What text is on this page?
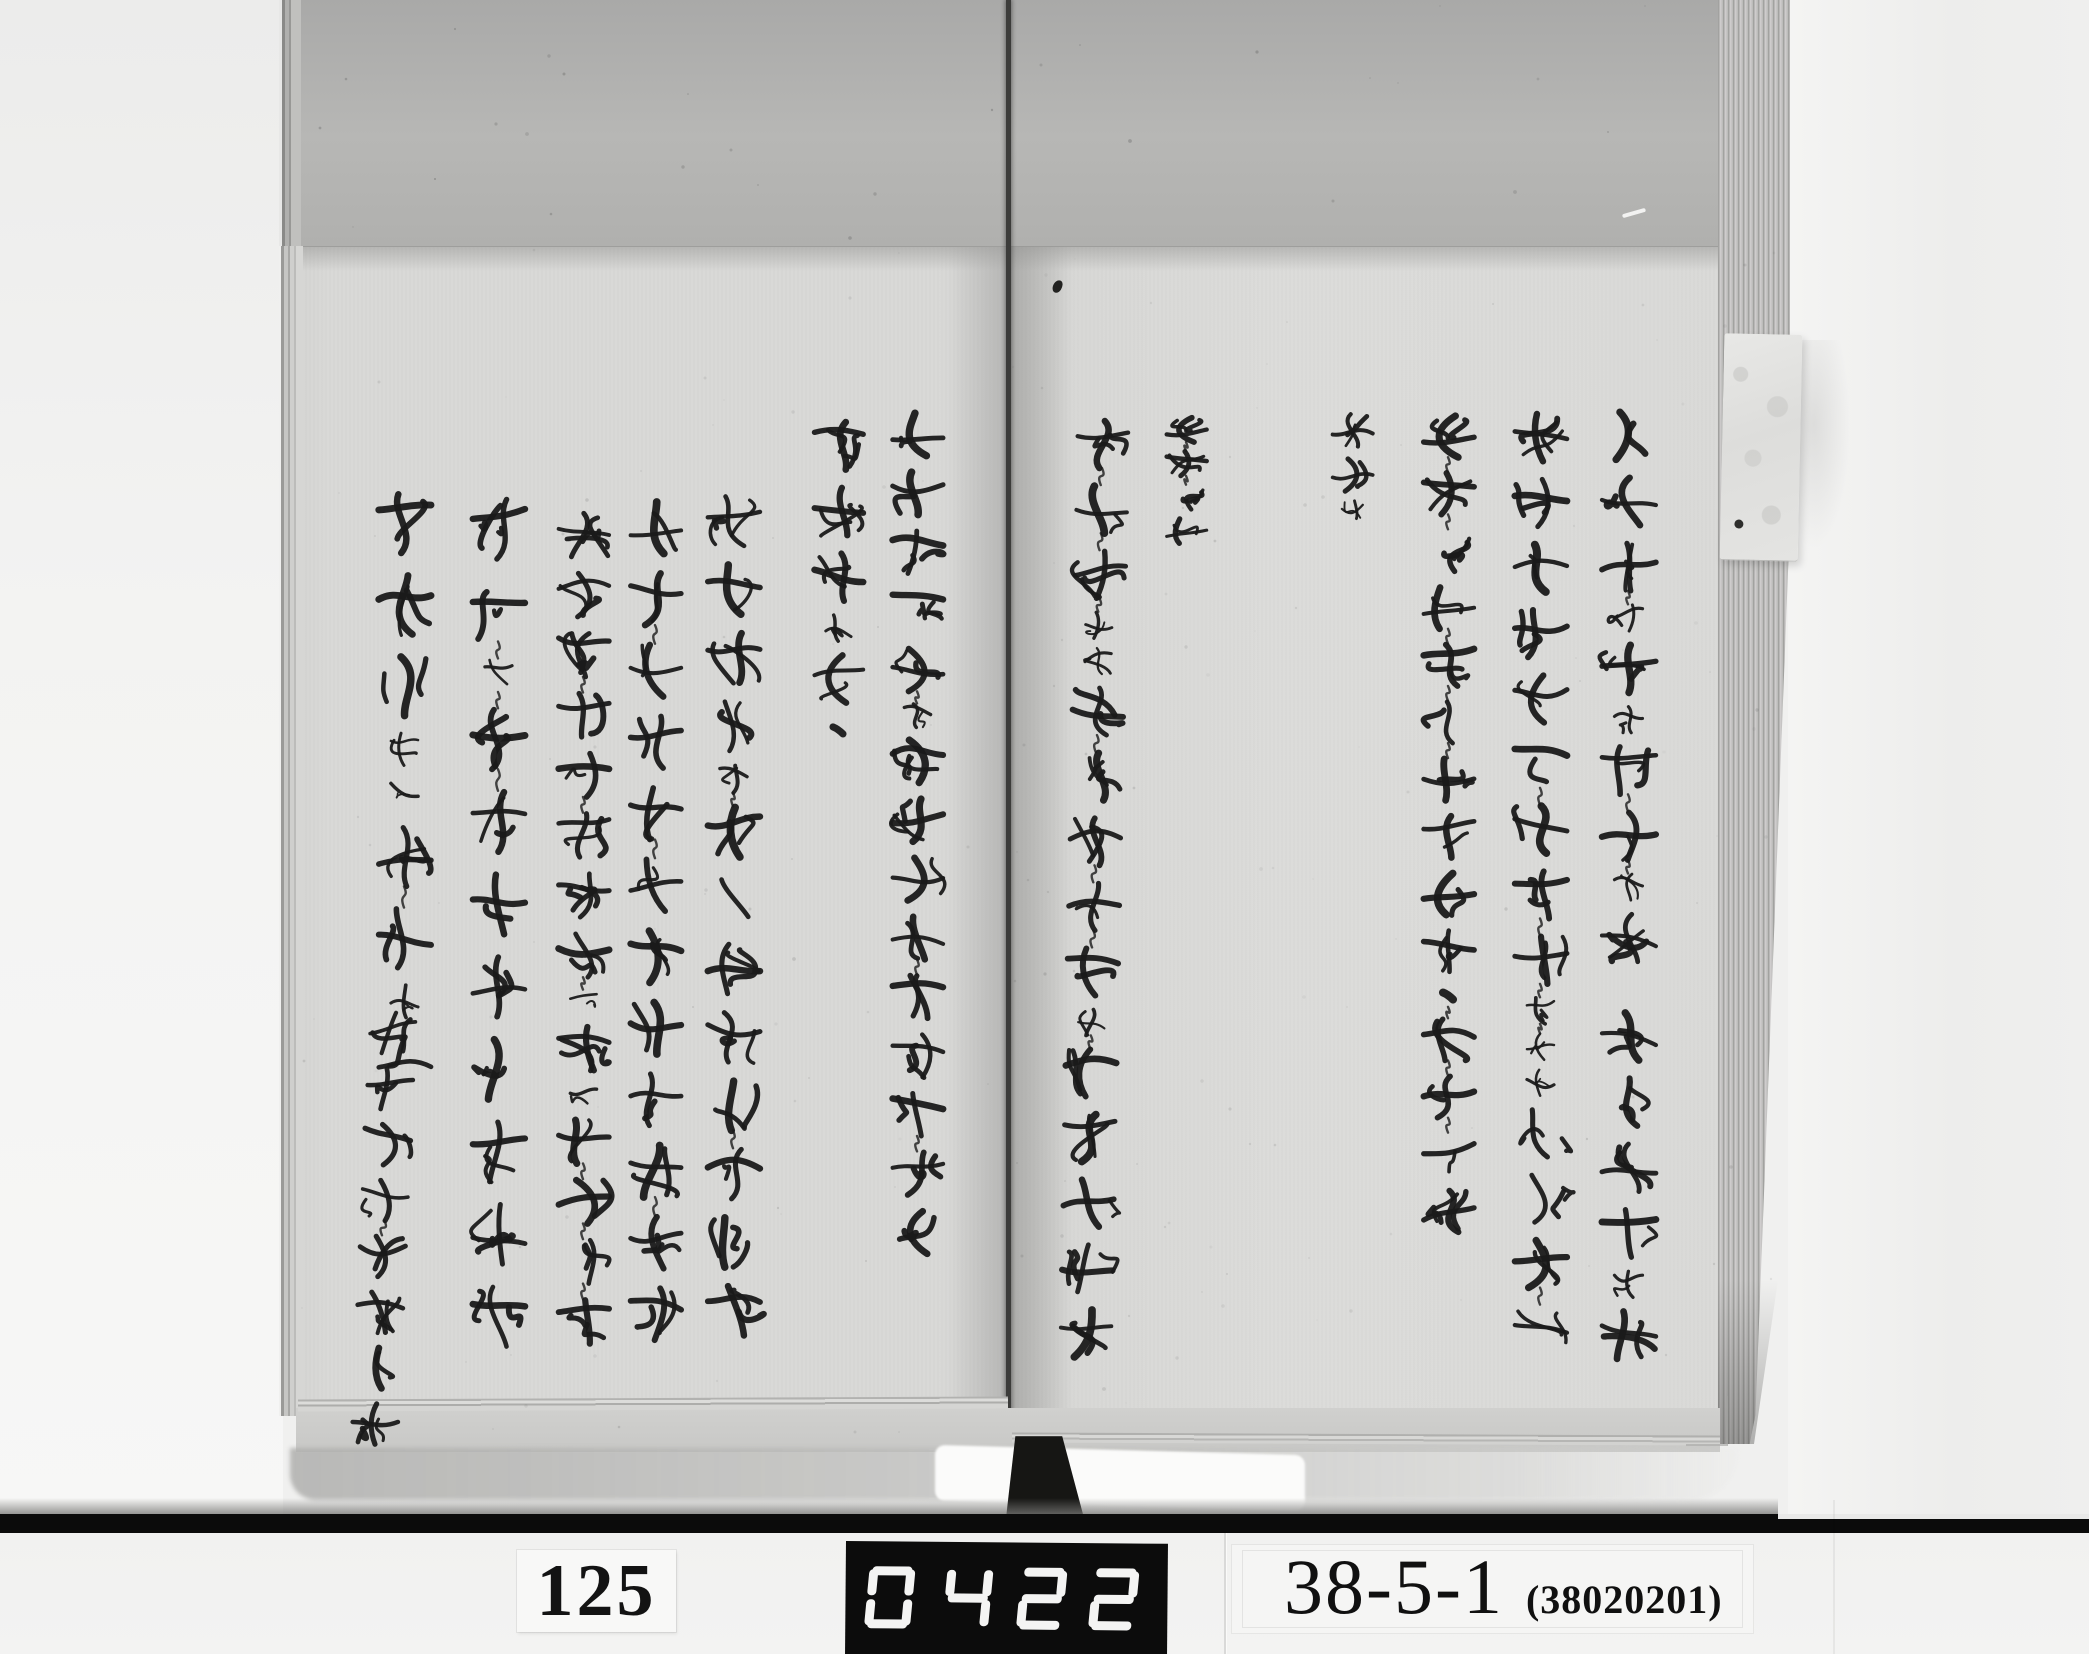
125	38-5-1 (38020201)
